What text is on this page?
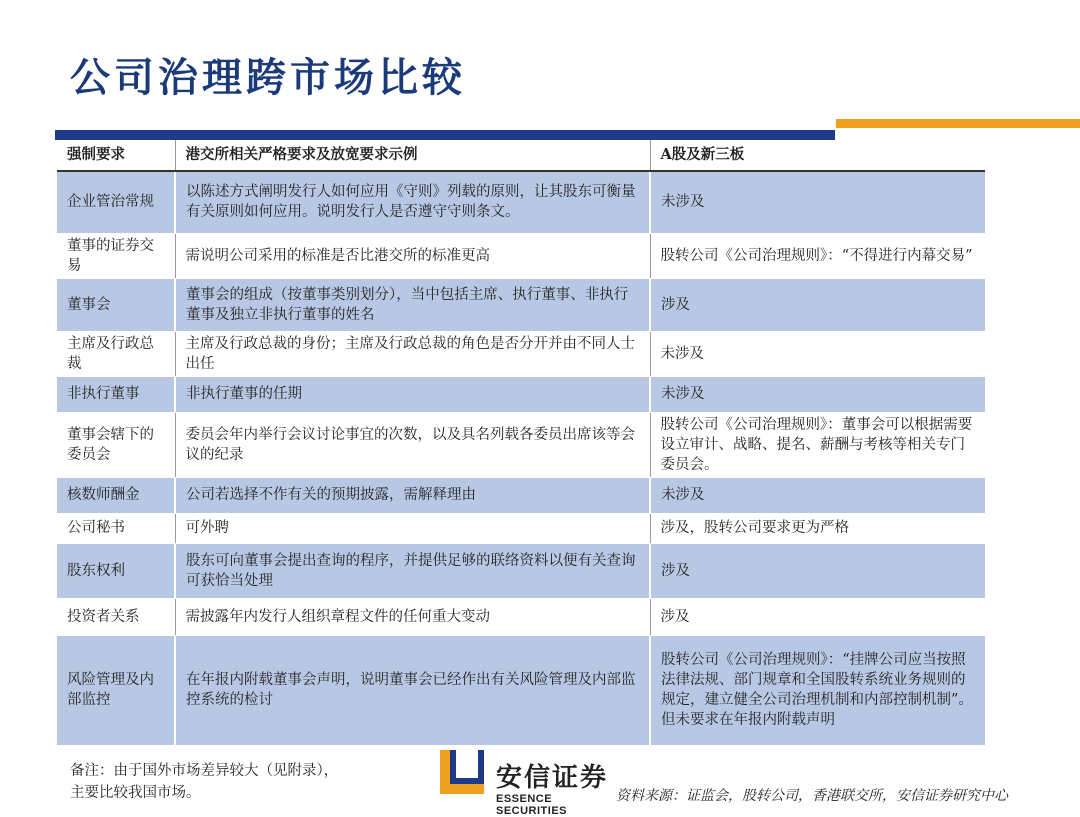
公司治理跨市场比较
强制要求	港交所相关严格要求及放宽要求示例	A股及新三板
企业管治常规	以陈述方式阐明发行人如何应用《守则》列载的原则，让其股东可衡量有关原则如何应用。说明发行人是否遵守守则条文。	未涉及
董事的证券交易	需说明公司采用的标准是否比港交所的标准更高	股转公司《公司治理规则》：“不得进行内幕交易”
董事会	董事会的组成（按董事类别划分），当中包括主席、执行董事、非执行董事及独立非执行董事的姓名	涉及
主席及行政总裁	主席及行政总裁的身份；主席及行政总裁的角色是否分开并由不同人士出任	未涉及
非执行董事	非执行董事的任期	未涉及
董事会辖下的委员会	委员会年内举行会议讨论事宜的次数，以及具名列载各委员出席该等会议的纪录	股转公司《公司治理规则》：董事会可以根据需要设立审计、战略、提名、薪酬与考核等相关专门委员会。
核数师酬金	公司若选择不作有关的预期披露，需解释理由	未涉及
公司秘书	可外聘	涉及，股转公司要求更为严格
股东权利	股东可向董事会提出查询的程序，并提供足够的联络资料以便有关查询可获恰当处理	涉及
投资者关系	需披露年内发行人组织章程文件的任何重大变动	涉及
风险管理及内部监控	在年报内附载董事会声明，说明董事会已经作出有关风险管理及内部监控系统的检讨	股转公司《公司治理规则》：“挂牌公司应当按照法律法规、部门规章和全国股转系统业务规则的规定，建立健全公司治理机制和内部控制机制”。但未要求在年报内附载声明
备注：由于国外市场差异较大（见附录），
主要比较我国市场。	安信证券
ESSENCE SECURITIES
资料来源：证监会，股转公司，香港联交所，安信证券研究中心
